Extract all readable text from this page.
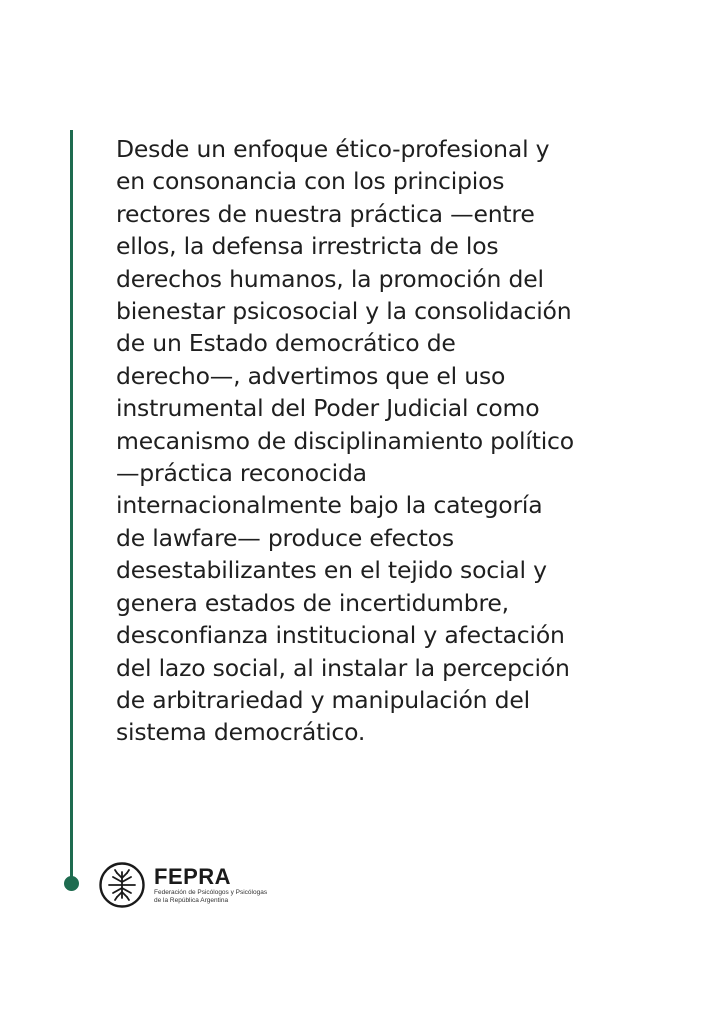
Desde un enfoque ético-profesional y
en consonancia con los principios
rectores de nuestra práctica —entre
ellos, la defensa irrestricta de los
derechos humanos, la promoción del
bienestar psicosocial y la consolidación
de un Estado democrático de
derecho—, advertimos que el uso
instrumental del Poder Judicial como
mecanismo de disciplinamiento político
—práctica reconocida
internacionalmente bajo la categoría
de lawfare— produce efectos
desestabilizantes en el tejido social y
genera estados de incertidumbre,
desconfianza institucional y afectación
del lazo social, al instalar la percepción
de arbitrariedad y manipulación del
sistema democrático.

FEPRA
Federación de Psicólogos y Psicólogas
de la República Argentina
